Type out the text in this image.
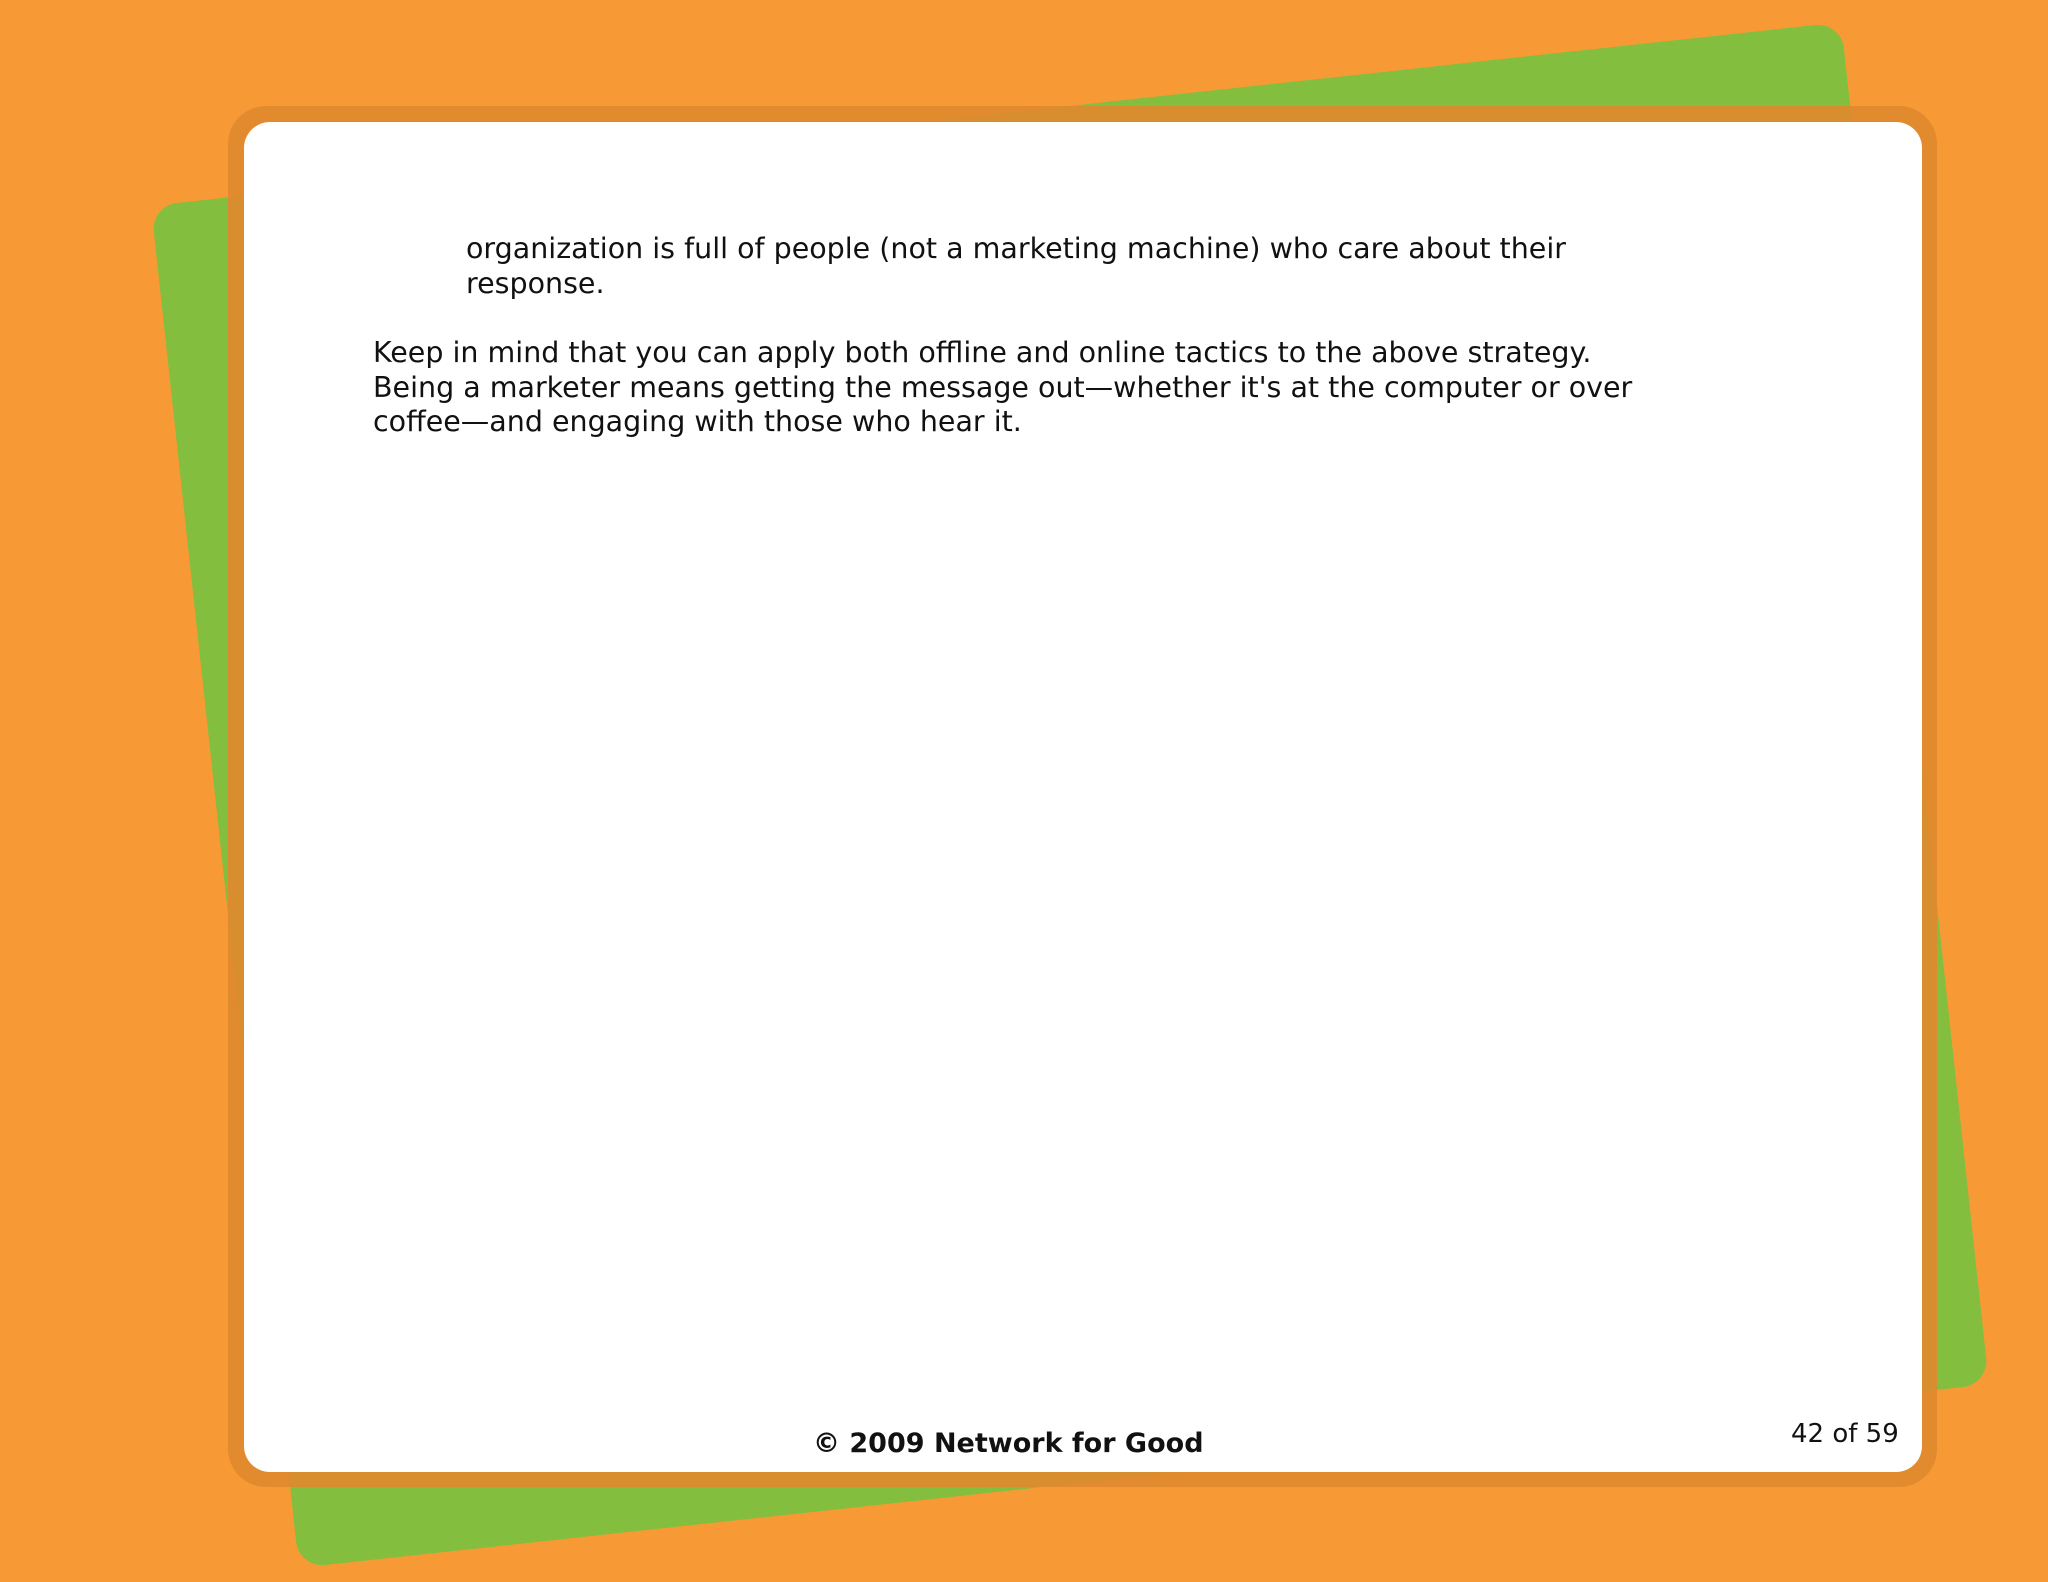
organization is full of people (not a marketing machine) who care about their
response.
Keep in mind that you can apply both offline and online tactics to the above strategy.
Being a marketer means getting the message out—whether it's at the computer or over
coffee—and engaging with those who hear it.
© 2009 Network for Good	42 of 59
